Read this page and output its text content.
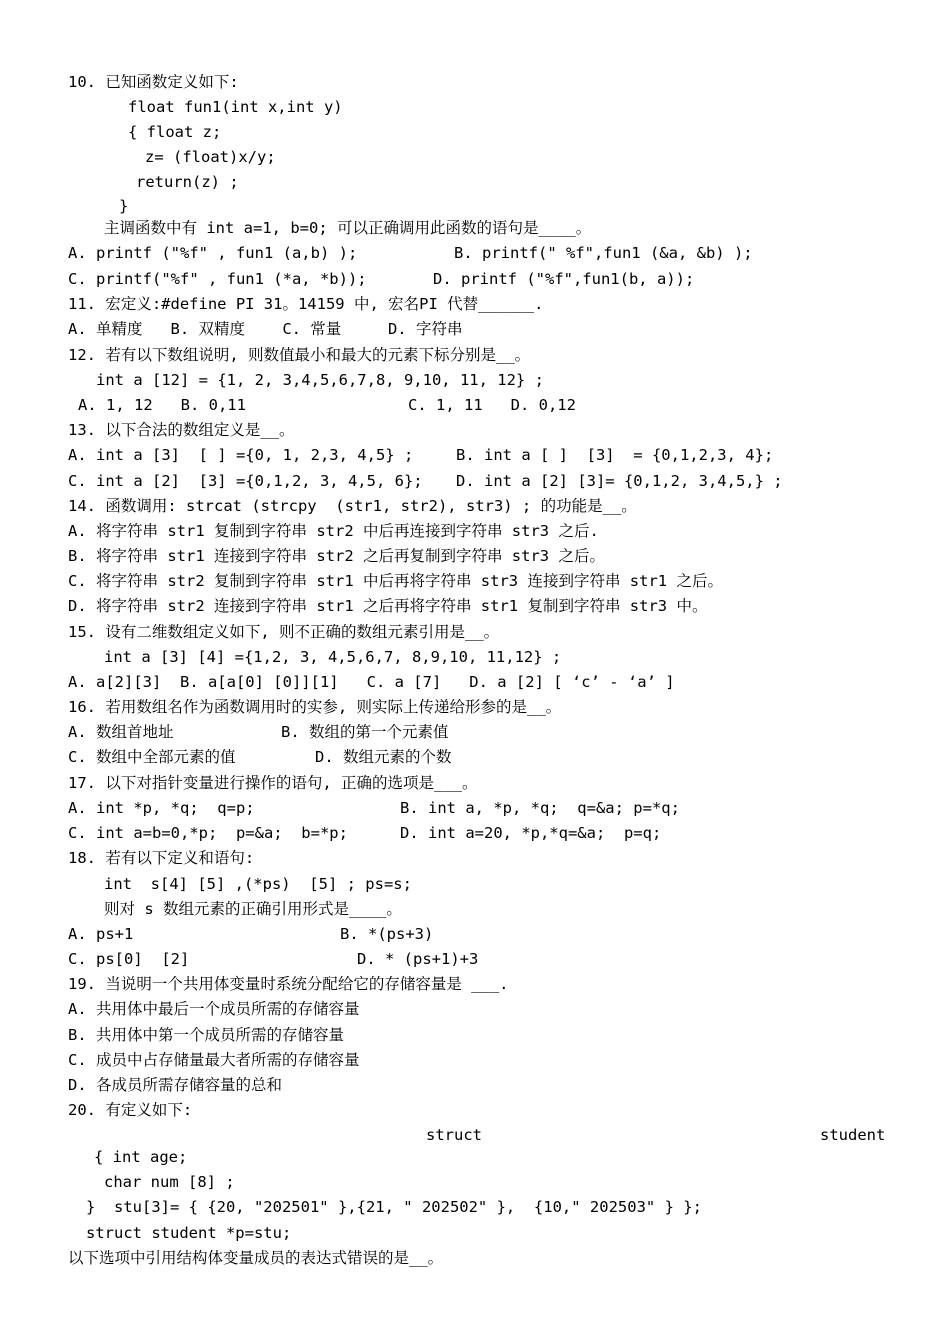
10. 已知函数定义如下:
float fun1(int x,int y)
{ float z;
z= (float)x/y;
return(z) ;
}
主调函数中有 int a=1, b=0; 可以正确调用此函数的语句是____。
A. printf ("%f" , fun1 (a,b) );	B. printf(" %f",fun1 (&a, &b) );
C. printf("%f" , fun1 (*a, *b));	D. printf ("%f",fun1(b, a));
11. 宏定义:#define PI 31。14159 中, 宏名PI 代替______.
A. 单精度   B. 双精度    C. 常量     D. 字符串
12. 若有以下数组说明, 则数值最小和最大的元素下标分别是__。
int a [12] = {1, 2, 3,4,5,6,7,8, 9,10, 11, 12} ;
A. 1, 12   B. 0,11	C. 1, 11   D. 0,12
13. 以下合法的数组定义是__。
A. int a [3]  [ ] ={0, 1, 2,3, 4,5} ;	B. int a [ ]  [3]  = {0,1,2,3, 4};
C. int a [2]  [3] ={0,1,2, 3, 4,5, 6}; D. int a [2] [3]= {0,1,2, 3,4,5,} ;
14. 函数调用: strcat (strcpy  (str1, str2), str3) ; 的功能是__。
A. 将字符串 str1 复制到字符串 str2 中后再连接到字符串 str3 之后.
B. 将字符串 str1 连接到字符串 str2 之后再复制到字符串 str3 之后。
C. 将字符串 str2 复制到字符串 str1 中后再将字符串 str3 连接到字符串 str1 之后。
D. 将字符串 str2 连接到字符串 str1 之后再将字符串 str1 复制到字符串 str3 中。
15. 设有二维数组定义如下, 则不正确的数组元素引用是__。
int a [3] [4] ={1,2, 3, 4,5,6,7, 8,9,10, 11,12} ;
A. a[2][3]  B. a[a[0] [0]][1]   C. a [7]   D. a [2] [ ‘c’ - ‘a’ ]
16. 若用数组名作为函数调用时的实参, 则实际上传递给形参的是__。
A. 数组首地址	B. 数组的第一个元素值
C. 数组中全部元素的值	D. 数组元素的个数
17. 以下对指针变量进行操作的语句, 正确的选项是___。
A. int *p, *q;  q=p;	B. int a, *p, *q;  q=&a; p=*q;
C. int a=b=0,*p;  p=&a;  b=*p;	D. int a=20, *p,*q=&a;  p=q;
18. 若有以下定义和语句:
int  s[4] [5] ,(*ps)  [5] ; ps=s;
则对 s 数组元素的正确引用形式是____。
A. ps+1	B. *(ps+3)
C. ps[0]  [2]	D. * (ps+1)+3
19. 当说明一个共用体变量时系统分配给它的存储容量是 ___.
A. 共用体中最后一个成员所需的存储容量
B. 共用体中第一个成员所需的存储容量
C. 成员中占存储量最大者所需的存储容量
D. 各成员所需存储容量的总和
20. 有定义如下:
struct	student
{ int age;
char num [8] ;
}  stu[3]= { {20, "202501" },{21, " 202502" },  {10," 202503" } };
struct student *p=stu;
以下选项中引用结构体变量成员的表达式错误的是__。
